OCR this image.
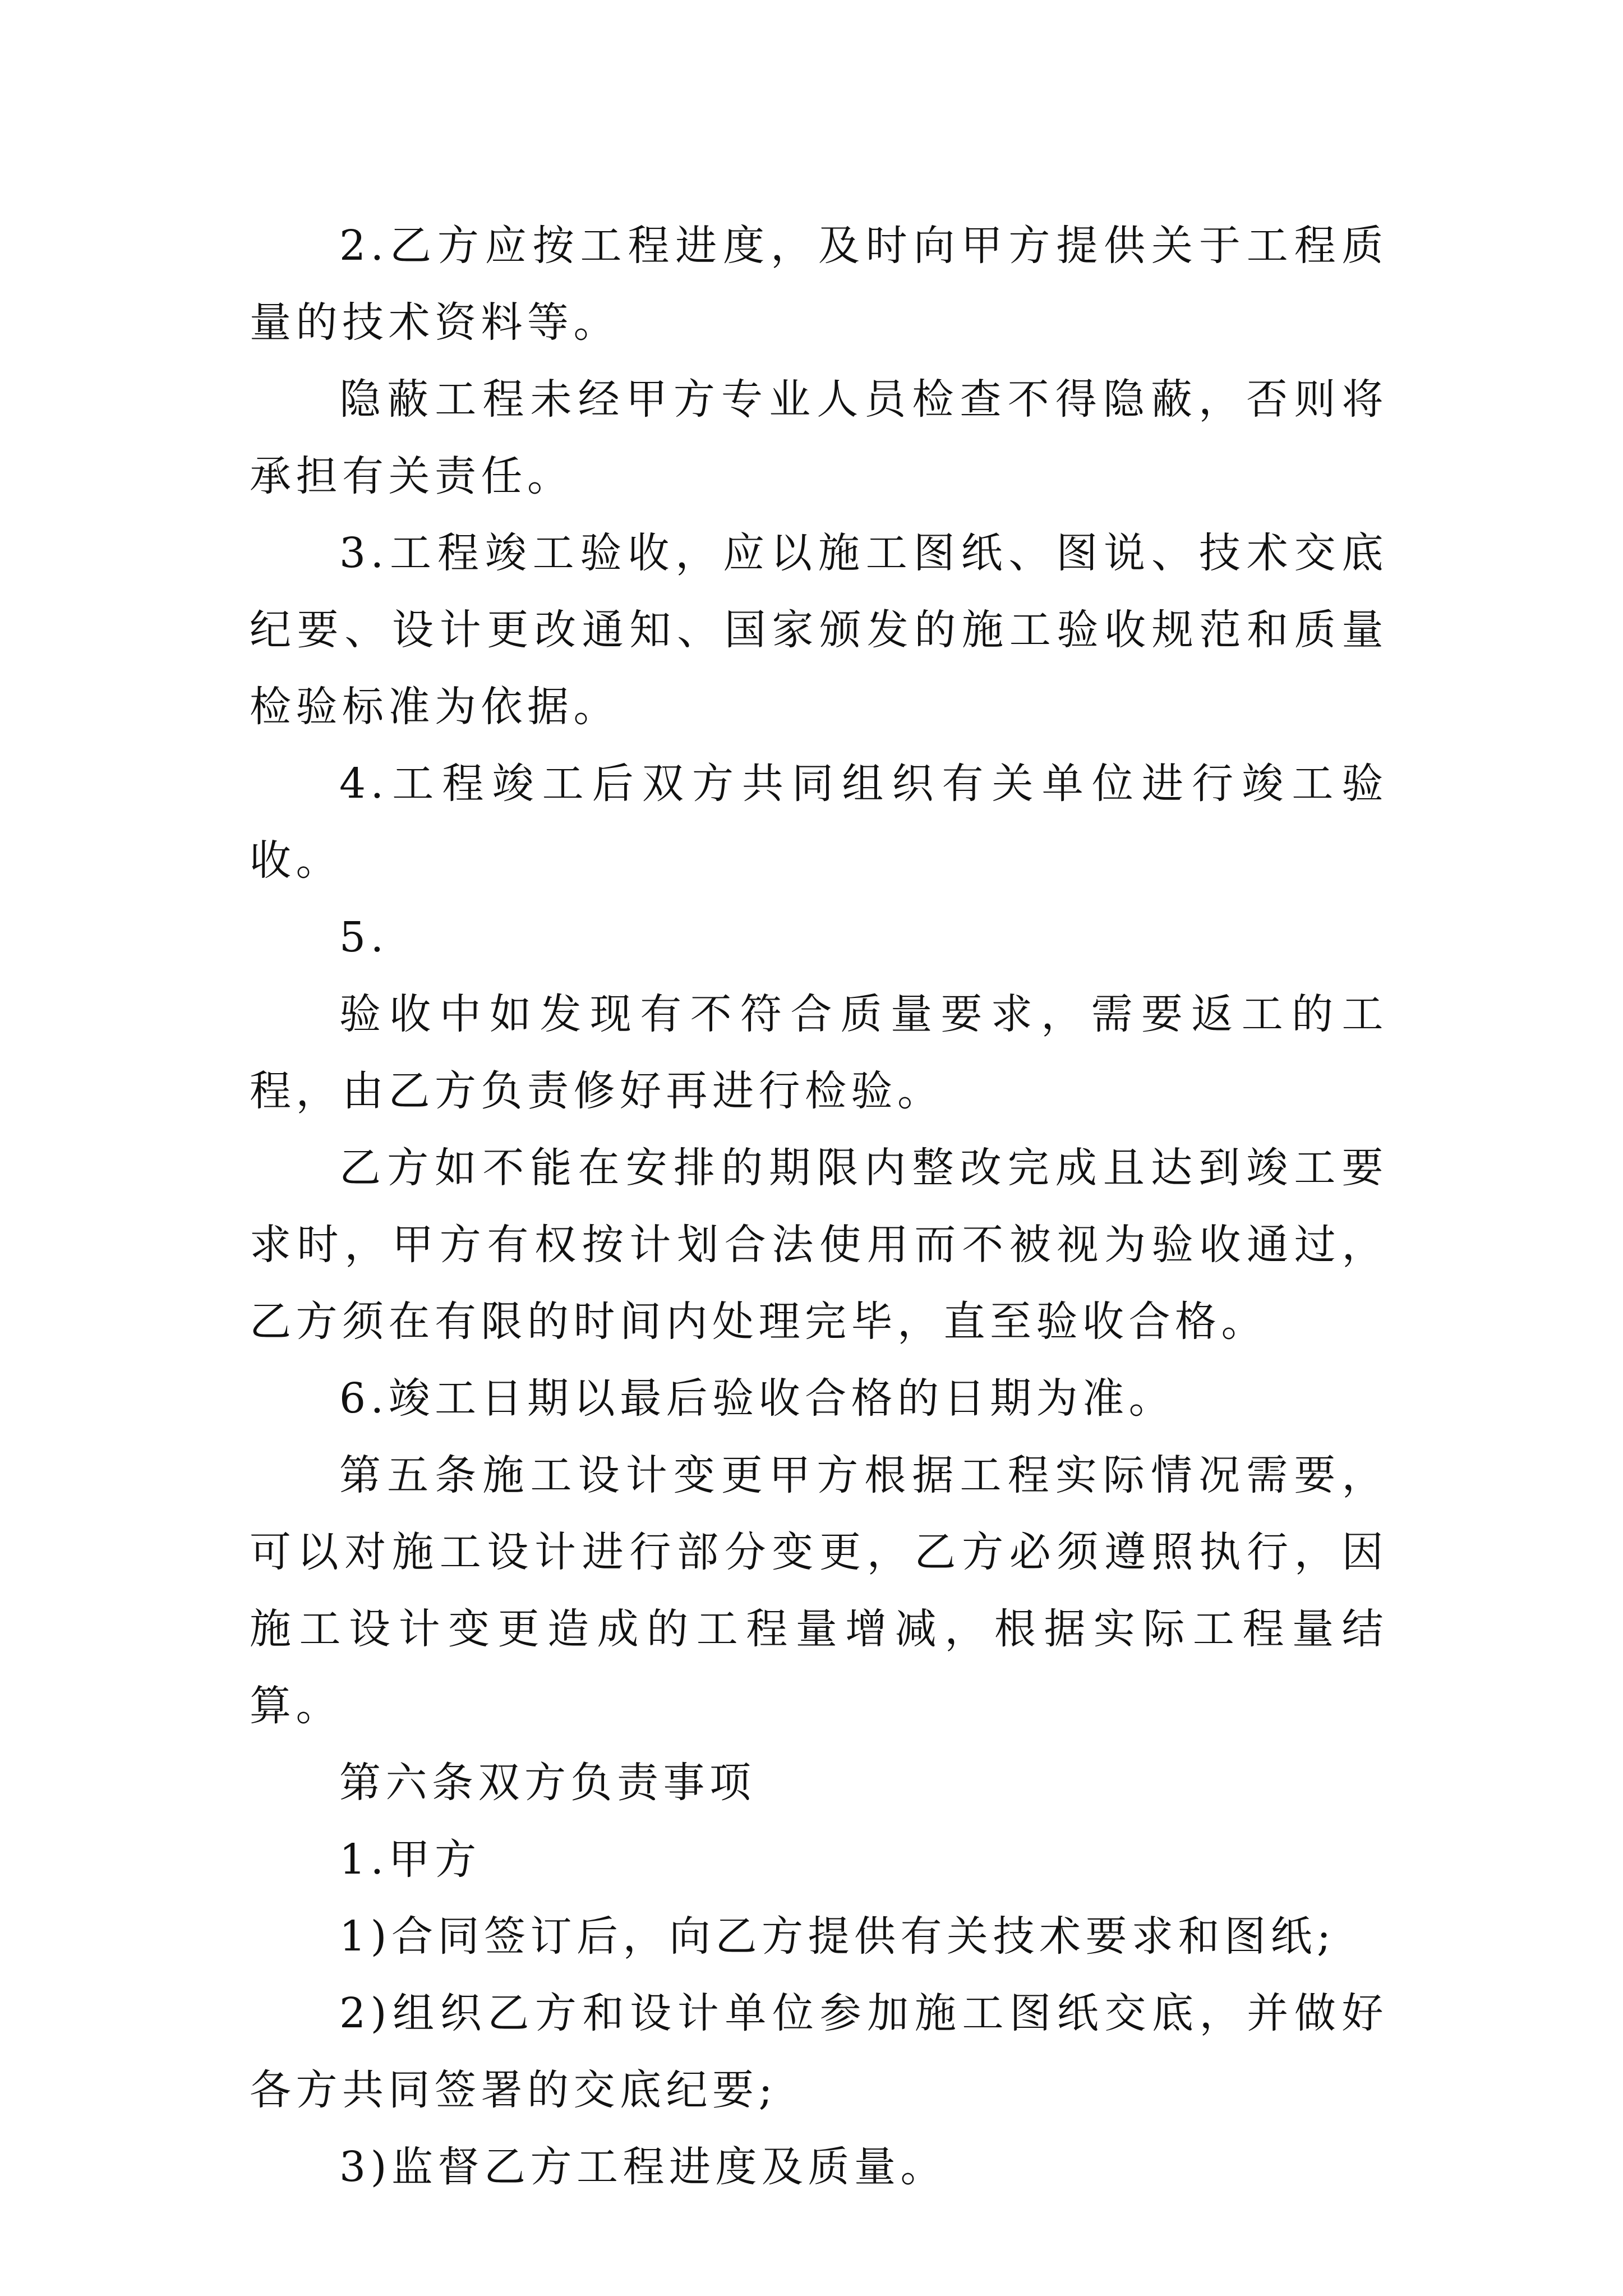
2.乙方应按工程进度，及时向甲方提供关于工程质量的技术资料等。

隐蔽工程未经甲方专业人员检查不得隐蔽，否则将承担有关责任。

3.工程竣工验收，应以施工图纸、图说、技术交底纪要、设计更改通知、国家颁发的施工验收规范和质量检验标准为依据。

4.工程竣工后双方共同组织有关单位进行竣工验收。

5.

验收中如发现有不符合质量要求，需要返工的工程，由乙方负责修好再进行检验。

乙方如不能在安排的期限内整改完成且达到竣工要求时，甲方有权按计划合法使用而不被视为验收通过，乙方须在有限的时间内处理完毕，直至验收合格。

6.竣工日期以最后验收合格的日期为准。

第五条施工设计变更甲方根据工程实际情况需要，可以对施工设计进行部分变更，乙方必须遵照执行，因施工设计变更造成的工程量增减，根据实际工程量结算。

第六条双方负责事项

1.甲方

1)合同签订后，向乙方提供有关技术要求和图纸;

2)组织乙方和设计单位参加施工图纸交底，并做好各方共同签署的交底纪要;

3)监督乙方工程进度及质量。
